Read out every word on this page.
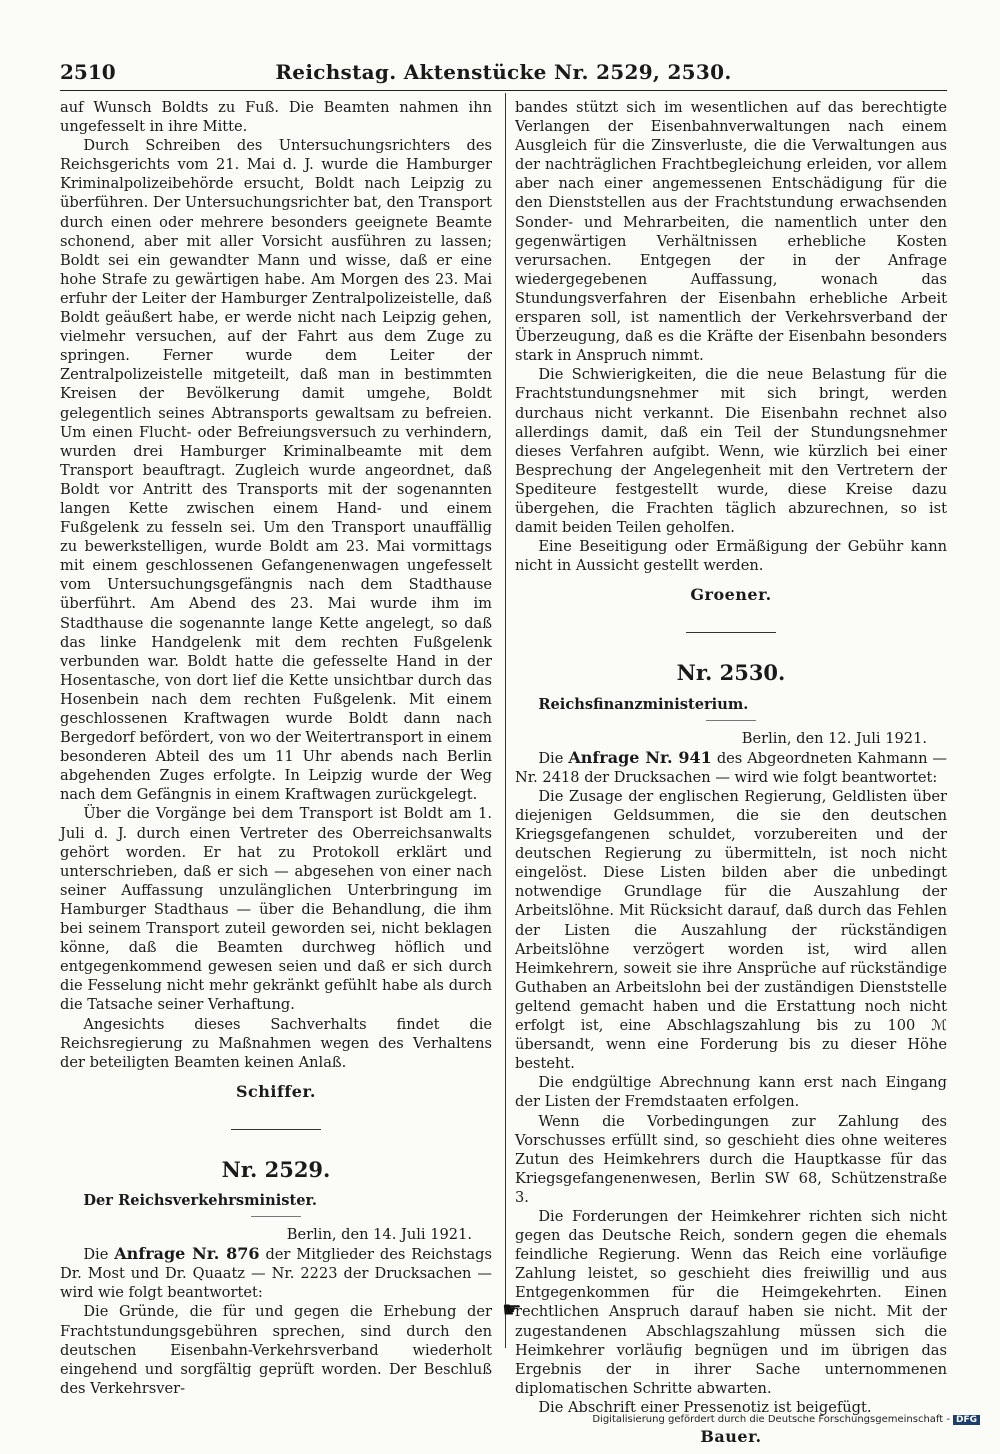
2510	Reichstag. Aktenstücke Nr. 2529, 2530.

auf Wunsch Boldts zu Fuß. Die Beamten nahmen ihn ungefesselt in ihre Mitte.

Durch Schreiben des Untersuchungsrichters des Reichsgerichts vom 21. Mai d. J. wurde die Hamburger Kriminalpolizeibehörde ersucht, Boldt nach Leipzig zu überführen. Der Untersuchungsrichter bat, den Transport durch einen oder mehrere besonders geeignete Beamte schonend, aber mit aller Vorsicht ausführen zu lassen; Boldt sei ein gewandter Mann und wisse, daß er eine hohe Strafe zu gewärtigen habe. Am Morgen des 23. Mai erfuhr der Leiter der Hamburger Zentralpolizeistelle, daß Boldt geäußert habe, er werde nicht nach Leipzig gehen, vielmehr versuchen, auf der Fahrt aus dem Zuge zu springen. Ferner wurde dem Leiter der Zentralpolizeistelle mitgeteilt, daß man in bestimmten Kreisen der Bevölkerung damit umgehe, Boldt gelegentlich seines Abtransports gewaltsam zu befreien. Um einen Flucht- oder Befreiungsversuch zu verhindern, wurden drei Hamburger Kriminalbeamte mit dem Transport beauftragt. Zugleich wurde angeordnet, daß Boldt vor Antritt des Transports mit der sogenannten langen Kette zwischen einem Hand- und einem Fußgelenk zu fesseln sei. Um den Transport unauffällig zu bewerkstelligen, wurde Boldt am 23. Mai vormittags mit einem geschlossenen Gefangenenwagen ungefesselt vom Untersuchungsgefängnis nach dem Stadthause überführt. Am Abend des 23. Mai wurde ihm im Stadthause die sogenannte lange Kette angelegt, so daß das linke Handgelenk mit dem rechten Fußgelenk verbunden war. Boldt hatte die gefesselte Hand in der Hosentasche, von dort lief die Kette unsichtbar durch das Hosenbein nach dem rechten Fußgelenk. Mit einem geschlossenen Kraftwagen wurde Boldt dann nach Bergedorf befördert, von wo der Weitertransport in einem besonderen Abteil des um 11 Uhr abends nach Berlin abgehenden Zuges erfolgte. In Leipzig wurde der Weg nach dem Gefängnis in einem Kraftwagen zurückgelegt.

Über die Vorgänge bei dem Transport ist Boldt am 1. Juli d. J. durch einen Vertreter des Oberreichsanwalts gehört worden. Er hat zu Protokoll erklärt und unterschrieben, daß er sich — abgesehen von einer nach seiner Auffassung unzulänglichen Unterbringung im Hamburger Stadthaus — über die Behandlung, die ihm bei seinem Transport zuteil geworden sei, nicht beklagen könne, daß die Beamten durchweg höflich und entgegenkommend gewesen seien und daß er sich durch die Fesselung nicht mehr gekränkt gefühlt habe als durch die Tatsache seiner Verhaftung.

Angesichts dieses Sachverhalts findet die Reichsregierung zu Maßnahmen wegen des Verhaltens der beteiligten Beamten keinen Anlaß.

Schiffer.
Nr. 2529.

Der Reichsverkehrsminister.

Berlin, den 14. Juli 1921.

Die Anfrage Nr. 876 der Mitglieder des Reichstags Dr. Most und Dr. Quaatz — Nr. 2223 der Drucksachen — wird wie folgt beantwortet:

Die Gründe, die für und gegen die Erhebung der Frachtstundungsgebühren sprechen, sind durch den deutschen Eisenbahn-Verkehrsverband wiederholt eingehend und sorgfältig geprüft worden. Der Beschluß des Verkehrsver-

bandes stützt sich im wesentlichen auf das berechtigte Verlangen der Eisenbahnverwaltungen nach einem Ausgleich für die Zinsverluste, die die Verwaltungen aus der nachträglichen Frachtbegleichung erleiden, vor allem aber nach einer angemessenen Entschädigung für die den Dienststellen aus der Frachtstundung erwachsenden Sonder- und Mehrarbeiten, die namentlich unter den gegenwärtigen Verhältnissen erhebliche Kosten verursachen. Entgegen der in der Anfrage wiedergegebenen Auffassung, wonach das Stundungsverfahren der Eisenbahn erhebliche Arbeit ersparen soll, ist namentlich der Verkehrsverband der Überzeugung, daß es die Kräfte der Eisenbahn besonders stark in Anspruch nimmt.

Die Schwierigkeiten, die die neue Belastung für die Frachtstundungsnehmer mit sich bringt, werden durchaus nicht verkannt. Die Eisenbahn rechnet also allerdings damit, daß ein Teil der Stundungsnehmer dieses Verfahren aufgibt. Wenn, wie kürzlich bei einer Besprechung der Angelegenheit mit den Vertretern der Spediteure festgestellt wurde, diese Kreise dazu übergehen, die Frachten täglich abzurechnen, so ist damit beiden Teilen geholfen.

Eine Beseitigung oder Ermäßigung der Gebühr kann nicht in Aussicht gestellt werden.

Groener.
Nr. 2530.

Reichsfinanzministerium.

Berlin, den 12. Juli 1921.

Die Anfrage Nr. 941 des Abgeordneten Kahmann — Nr. 2418 der Drucksachen — wird wie folgt beantwortet:

Die Zusage der englischen Regierung, Geldlisten über diejenigen Geldsummen, die sie den deutschen Kriegsgefangenen schuldet, vorzubereiten und der deutschen Regierung zu übermitteln, ist noch nicht eingelöst. Diese Listen bilden aber die unbedingt notwendige Grundlage für die Auszahlung der Arbeitslöhne. Mit Rücksicht darauf, daß durch das Fehlen der Listen die Auszahlung der rückständigen Arbeitslöhne verzögert worden ist, wird allen Heimkehrern, soweit sie ihre Ansprüche auf rückständige Guthaben an Arbeitslohn bei der zuständigen Dienststelle geltend gemacht haben und die Erstattung noch nicht erfolgt ist, eine Abschlagszahlung bis zu 100 ℳ übersandt, wenn eine Forderung bis zu dieser Höhe besteht.

Die endgültige Abrechnung kann erst nach Eingang der Listen der Fremdstaaten erfolgen.

Wenn die Vorbedingungen zur Zahlung des Vorschusses erfüllt sind, so geschieht dies ohne weiteres Zutun des Heimkehrers durch die Hauptkasse für das Kriegsgefangenenwesen, Berlin SW 68, Schützenstraße 3.

Die Forderungen der Heimkehrer richten sich nicht gegen das Deutsche Reich, sondern gegen die ehemals feindliche Regierung. Wenn das Reich eine vorläufige Zahlung leistet, so geschieht dies freiwillig und aus Entgegenkommen für die Heimgekehrten. Einen rechtlichen Anspruch darauf haben sie nicht. Mit der zugestandenen Abschlagszahlung müssen sich die Heimkehrer vorläufig begnügen und im übrigen das Ergebnis der in ihrer Sache unternommenen diplomatischen Schritte abwarten.

Die Abschrift einer Pressenotiz ist beigefügt.

Bauer.
☛
Digitalisierung gefördert durch die Deutsche Forschungsgemeinschaft - DFG
